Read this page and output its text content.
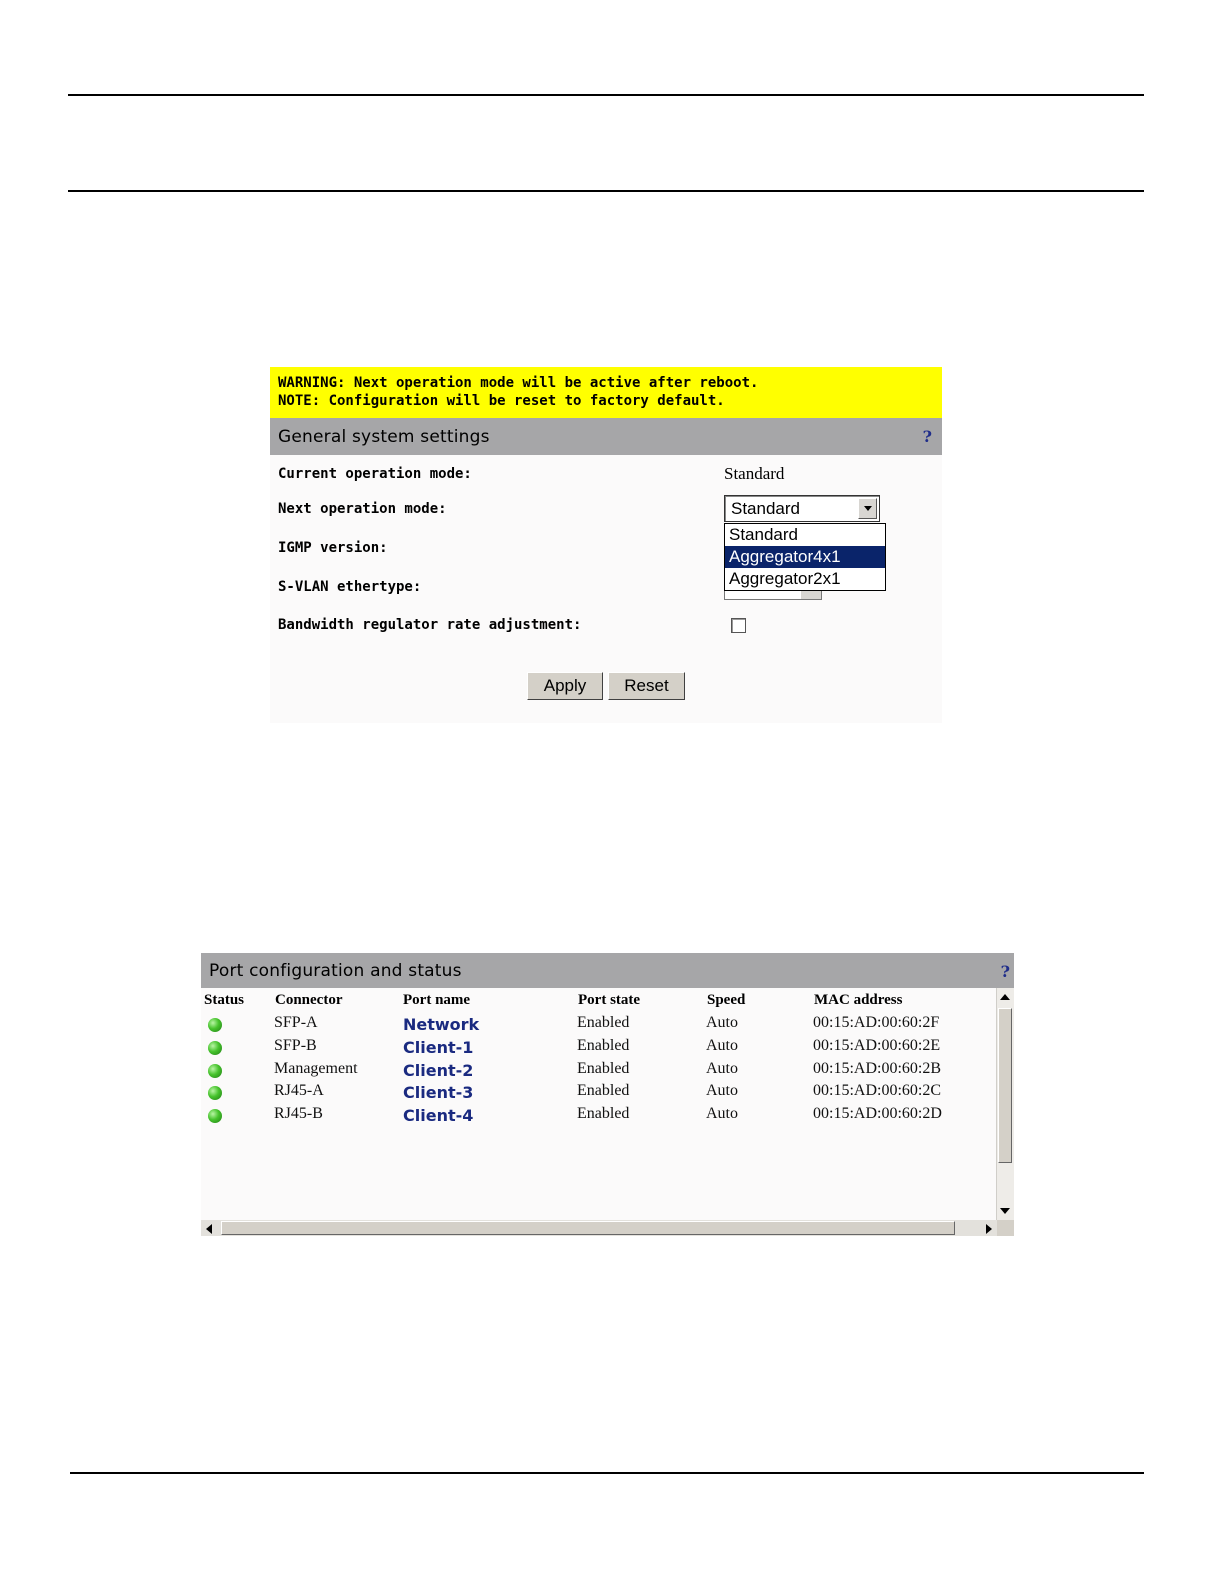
WARNING: Next operation mode will be active after reboot.
NOTE: Configuration will be reset to factory default.
General system settings	?
Current operation mode:	Standard
Next operation mode:	Standard
IGMP version:
S-VLAN ethertype:
Standard
Aggregator4x1
Aggregator2x1
Bandwidth regulator rate adjustment:
Apply	Reset
Port configuration and status	?
Status Connector	Port name	Port state	Speed	MAC address
SFP-A	Network	Enabled	Auto	00:15:AD:00:60:2F
SFP-B	Client-1	Enabled	Auto	00:15:AD:00:60:2E
Management	Client-2	Enabled	Auto	00:15:AD:00:60:2B
RJ45-A	Client-3	Enabled	Auto	00:15:AD:00:60:2C
RJ45-B	Client-4	Enabled	Auto	00:15:AD:00:60:2D
